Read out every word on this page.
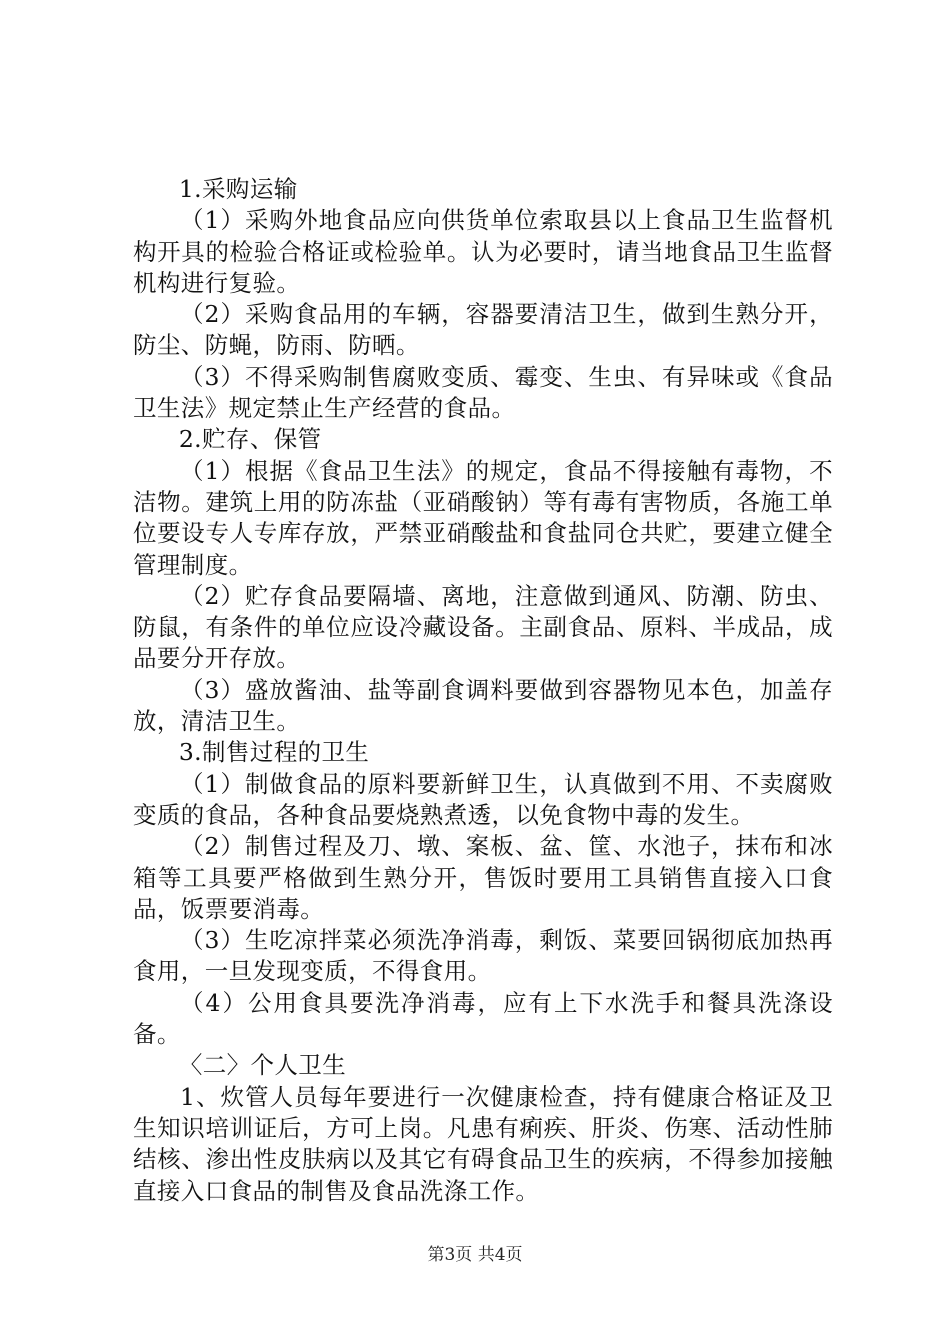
1.采购运输

（1）采购外地食品应向供货单位索取县以上食品卫生监督机构开具的检验合格证或检验单。认为必要时，请当地食品卫生监督机构进行复验。

（2）采购食品用的车辆，容器要清洁卫生，做到生熟分开，防尘、防蝇，防雨、防晒。

（3）不得采购制售腐败变质、霉变、生虫、有异味或《食品卫生法》规定禁止生产经营的食品。

2.贮存、保管

（1）根据《食品卫生法》的规定，食品不得接触有毒物，不洁物。建筑上用的防冻盐（亚硝酸钠）等有毒有害物质，各施工单位要设专人专库存放，严禁亚硝酸盐和食盐同仓共贮，要建立健全管理制度。

（2）贮存食品要隔墙、离地，注意做到通风、防潮、防虫、防鼠，有条件的单位应设冷藏设备。主副食品、原料、半成品，成品要分开存放。

（3）盛放酱油、盐等副食调料要做到容器物见本色，加盖存放，清洁卫生。

3.制售过程的卫生

（1）制做食品的原料要新鲜卫生，认真做到不用、不卖腐败变质的食品，各种食品要烧熟煮透，以免食物中毒的发生。

（2）制售过程及刀、墩、案板、盆、筐、水池子，抹布和冰箱等工具要严格做到生熟分开，售饭时要用工具销售直接入口食品，饭票要消毒。

（3）生吃凉拌菜必须洗净消毒，剩饭、菜要回锅彻底加热再食用，一旦发现变质，不得食用。

（4）公用食具要洗净消毒，应有上下水洗手和餐具洗涤设备。

〈二〉个人卫生

1、炊管人员每年要进行一次健康检查，持有健康合格证及卫生知识培训证后，方可上岗。凡患有痢疾、肝炎、伤寒、活动性肺结核、渗出性皮肤病以及其它有碍食品卫生的疾病，不得参加接触直接入口食品的制售及食品洗涤工作。

第3页 共4页
